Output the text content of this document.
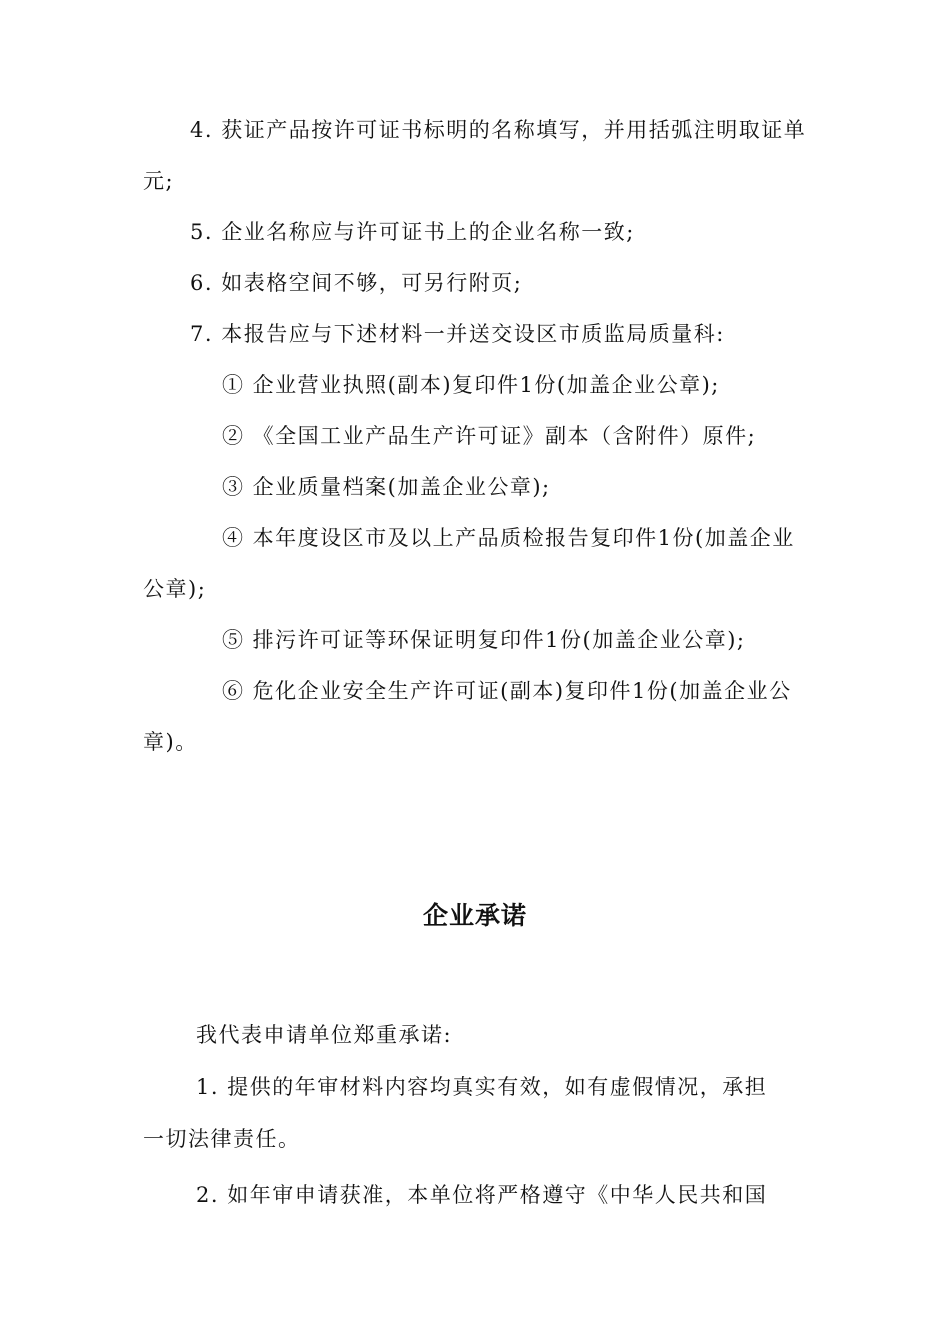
4. 获证产品按许可证书标明的名称填写，并用括弧注明取证单
元;
5. 企业名称应与许可证书上的企业名称一致;
6. 如表格空间不够，可另行附页;
7. 本报告应与下述材料一并送交设区市质监局质量科:
① 企业营业执照(副本)复印件1份(加盖企业公章);
② 《全国工业产品生产许可证》副本（含附件）原件;
③ 企业质量档案(加盖企业公章);
④ 本年度设区市及以上产品质检报告复印件1份(加盖企业
公章);
⑤ 排污许可证等环保证明复印件1份(加盖企业公章);
⑥ 危化企业安全生产许可证(副本)复印件1份(加盖企业公
章)。
企业承诺
我代表申请单位郑重承诺:
1. 提供的年审材料内容均真实有效，如有虚假情况，承担
一切法律责任。
2. 如年审申请获准，本单位将严格遵守《中华人民共和国
